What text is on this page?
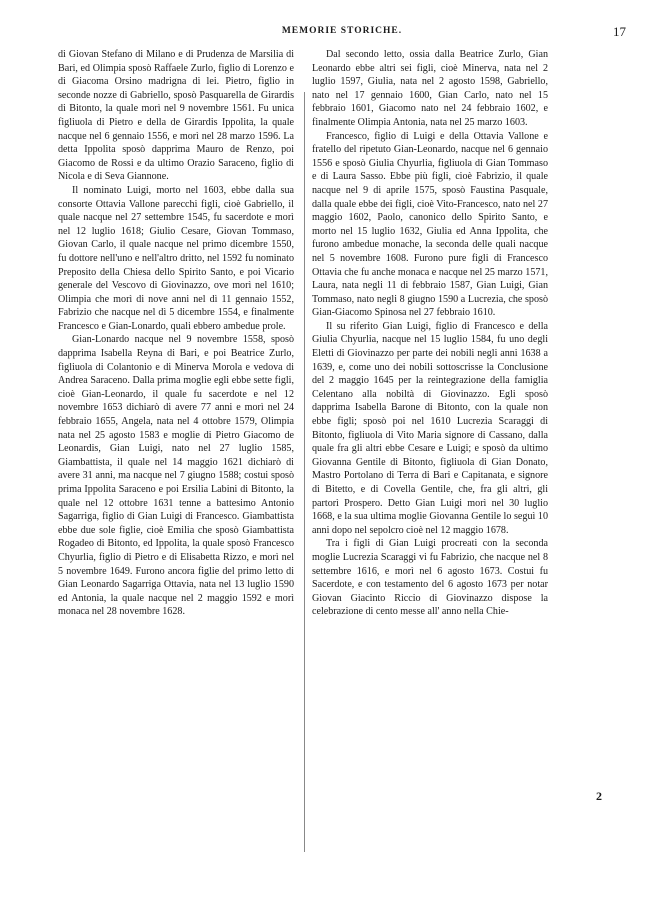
MEMORIE STORICHE.	17

di Giovan Stefano di Milano e di Prudenza de Marsilia di Bari, ed Olimpia sposò Raffaele Zurlo, figlio di Lorenzo e di Giacoma Orsino madrigna di lei. Pietro, figlio in seconde nozze di Gabriello, sposò Pasquarella de Girardis di Bitonto, la quale morì nel 9 novembre 1561. Fu unica figliuola di Pietro e della de Girardis Ippolita, la quale nacque nel 6 gennaio 1556, e morì nel 28 marzo 1596. La detta Ippolita sposò dapprima Mauro de Renzo, poi Giacomo de Rossi e da ultimo Orazio Saraceno, figlio di Nicola e di Seva Giannone.

Il nominato Luigi, morto nel 1603, ebbe dalla sua consorte Ottavia Vallone parecchi figli, cioè Gabriello, il quale nacque nel 27 settembre 1545, fu sacerdote e morì nel 12 luglio 1618; Giulio Cesare, Giovan Tommaso, Giovan Carlo, il quale nacque nel primo dicembre 1550, fu dottore nell'uno e nell'altro dritto, nel 1592 fu nominato Preposito della Chiesa dello Spirito Santo, e poi Vicario generale del Vescovo di Giovinazzo, ove morì nel 1610; Olimpia che morì di nove anni nel dì 11 gennaio 1552, Fabrizio che nacque nel dì 5 dicembre 1554, e finalmente Francesco e Gian-Lonardo, quali ebbero ambedue prole.

Gian-Lonardo nacque nel 9 novembre 1558, sposò dapprima Isabella Reyna di Bari, e poi Beatrice Zurlo, figliuola di Colantonio e di Minerva Morola e vedova di Andrea Saraceno. Dalla prima moglie egli ebbe sette figli, cioè Gian-Leonardo, il quale fu sacerdote e nel 12 novembre 1653 dichiarò di avere 77 anni e morì nel 24 febbraio 1655, Angela, nata nel 4 ottobre 1579, Olimpia nata nel 25 agosto 1583 e moglie di Pietro Giacomo de Leonardis, Gian Luigi, nato nel 27 luglio 1585, Giambattista, il quale nel 14 maggio 1621 dichiarò di avere 31 anni, ma nacque nel 7 giugno 1588; costui sposò prima Ippolita Saraceno e poi Ersilia Labini di Bitonto, la quale nel 12 ottobre 1631 tenne a battesimo Antonio Sagarriga, figlio di Gian Luigi di Francesco. Giambattista ebbe due sole figlie, cioè Emilia che sposò Giambattista Rogadeo di Bitonto, ed Ippolita, la quale sposò Francesco Chyurlia, figlio di Pietro e di Elisabetta Rizzo, e morì nel 5 novembre 1649. Furono ancora figlie del primo letto di Gian Leonardo Sagarriga Ottavia, nata nel 13 luglio 1590 ed Antonia, la quale nacque nel 2 maggio 1592 e morì monaca nel 28 novembre 1628.

Dal secondo letto, ossia dalla Beatrice Zurlo, Gian Leonardo ebbe altri sei figli, cioè Minerva, nata nel 2 luglio 1597, Giulia, nata nel 2 agosto 1598, Gabriello, nato nel 17 gennaio 1600, Gian Carlo, nato nel 15 febbraio 1601, Giacomo nato nel 24 febbraio 1602, e finalmente Olimpia Antonia, nata nel 25 marzo 1603.

Francesco, figlio di Luigi e della Ottavia Vallone e fratello del ripetuto Gian-Leonardo, nacque nel 6 gennaio 1556 e sposò Giulia Chyurlia, figliuola di Gian Tommaso e di Laura Sasso. Ebbe più figli, cioè Fabrizio, il quale nacque nel 9 di aprile 1575, sposò Faustina Pasquale, dalla quale ebbe dei figli, cioè Vito-Francesco, nato nel 27 maggio 1602, Paolo, canonico dello Spirito Santo, e morto nel 15 luglio 1632, Giulia ed Anna Ippolita, che furono ambedue monache, la seconda delle quali nacque nel 5 novembre 1608. Furono pure figli di Francesco Ottavia che fu anche monaca e nacque nel 25 marzo 1571, Laura, nata negli 11 di febbraio 1587, Gian Luigi, Gian Tommaso, nato negli 8 giugno 1590 a Lucrezia, che sposò Gian-Giacomo Spinosa nel 27 febbraio 1610.

Il su riferito Gian Luigi, figlio di Francesco e della Giulia Chyurlia, nacque nel 15 luglio 1584, fu uno degli Eletti di Giovinazzo per parte dei nobili negli anni 1638 a 1639, e, come uno dei nobili sottoscrisse la Conclusione del 2 maggio 1645 per la reintegrazione della famiglia Celentano alla nobiltà di Giovinazzo. Egli sposò dapprima Isabella Barone di Bitonto, con la quale non ebbe figli; sposò poi nel 1610 Lucrezia Scaraggi di Bitonto, figliuola di Vito Maria signore di Cassano, dalla quale fra gli altri ebbe Cesare e Luigi; e sposò da ultimo Giovanna Gentile di Bitonto, figliuola di Gian Donato, Mastro Portolano di Terra di Bari e Capitanata, e signore di Bitetto, e di Covella Gentile, che, fra gli altri, gli partorì Prospero. Detto Gian Luigi morì nel 30 luglio 1668, e la sua ultima moglie Giovanna Gentile lo seguì 10 anni dopo nel sepolcro cioè nel 12 maggio 1678.

Tra i figli di Gian Luigi procreati con la seconda moglie Lucrezia Scaraggi vi fu Fabrizio, che nacque nel 8 settembre 1616, e morì nel 6 agosto 1673. Costui fu Sacerdote, e con testamento del 6 agosto 1673 per notar Giovan Giacinto Riccio di Giovinazzo dispose la celebrazione di cento messe all' anno nella Chie-

2
